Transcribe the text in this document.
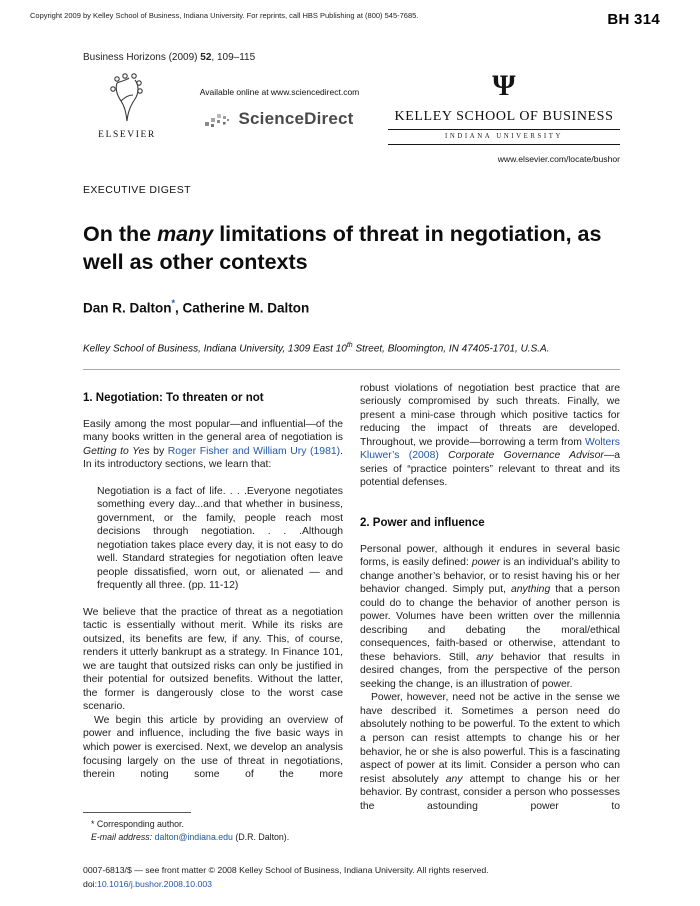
Copyright 2009 by Kelley School of Business, Indiana University. For reprints, call HBS Publishing at (800) 545-7685.	BH 314
Business Horizons (2009) 52, 109–115
ELSEVIER
Available online at www.sciencedirect.com
ScienceDirect
Ψ
KELLEY SCHOOL OF BUSINESS
INDIANA UNIVERSITY
www.elsevier.com/locate/bushor
EXECUTIVE DIGEST
On the many limitations of threat in negotiation, as well as other contexts
Dan R. Dalton*, Catherine M. Dalton
Kelley School of Business, Indiana University, 1309 East 10th Street, Bloomington, IN 47405-1701, U.S.A.
1. Negotiation: To threaten or not

Easily among the most popular—and influential—of the many books written in the general area of negotiation is Getting to Yes by Roger Fisher and William Ury (1981). In its introductory sections, we learn that:

Negotiation is a fact of life. . . .Everyone negotiates something every day...and that whether in business, government, or the family, people reach most decisions through negotiation. . . .Although negotiation takes place every day, it is not easy to do well. Standard strategies for negotiation often leave people dissatisfied, worn out, or alienated — and frequently all three. (pp. 11-12)

We believe that the practice of threat as a negotiation tactic is essentially without merit. While its risks are outsized, its benefits are few, if any. This, of course, renders it utterly bankrupt as a strategy. In Finance 101, we are taught that outsized risks can only be justified in their potential for outsized benefits. Without the latter, the former is dangerously close to the worst case scenario.

We begin this article by providing an overview of power and influence, including the five basic ways in which power is exercised. Next, we develop an analysis focusing largely on the use of threat in negotiations, therein noting some of the more

* Corresponding author.
E-mail address: dalton@indiana.edu (D.R. Dalton).

robust violations of negotiation best practice that are seriously compromised by such threats. Finally, we present a mini-case through which positive tactics for reducing the impact of threats are developed. Throughout, we provide—borrowing a term from Wolters Kluwer’s (2008) Corporate Governance Advisor—a series of “practice pointers” relevant to threat and its potential defenses.

2. Power and influence

Personal power, although it endures in several basic forms, is easily defined: power is an individual’s ability to change another’s behavior, or to resist having his or her behavior changed. Simply put, anything that a person could do to change the behavior of another person is power. Volumes have been written over the millennia describing and debating the moral/ethical consequences, faith-based or otherwise, attendant to these behaviors. Still, any behavior that results in desired changes, from the perspective of the person seeking the change, is an illustration of power.

Power, however, need not be active in the sense we have described it. Sometimes a person need do absolutely nothing to be powerful. To the extent to which a person can resist attempts to change his or her behavior, he or she is also powerful. This is a fascinating aspect of power at its limit. Consider a person who can resist absolutely any attempt to change his or her behavior. By contrast, consider a person who possesses the astounding power to

0007-6813/$ — see front matter © 2008 Kelley School of Business, Indiana University. All rights reserved.
doi:10.1016/j.bushor.2008.10.003
